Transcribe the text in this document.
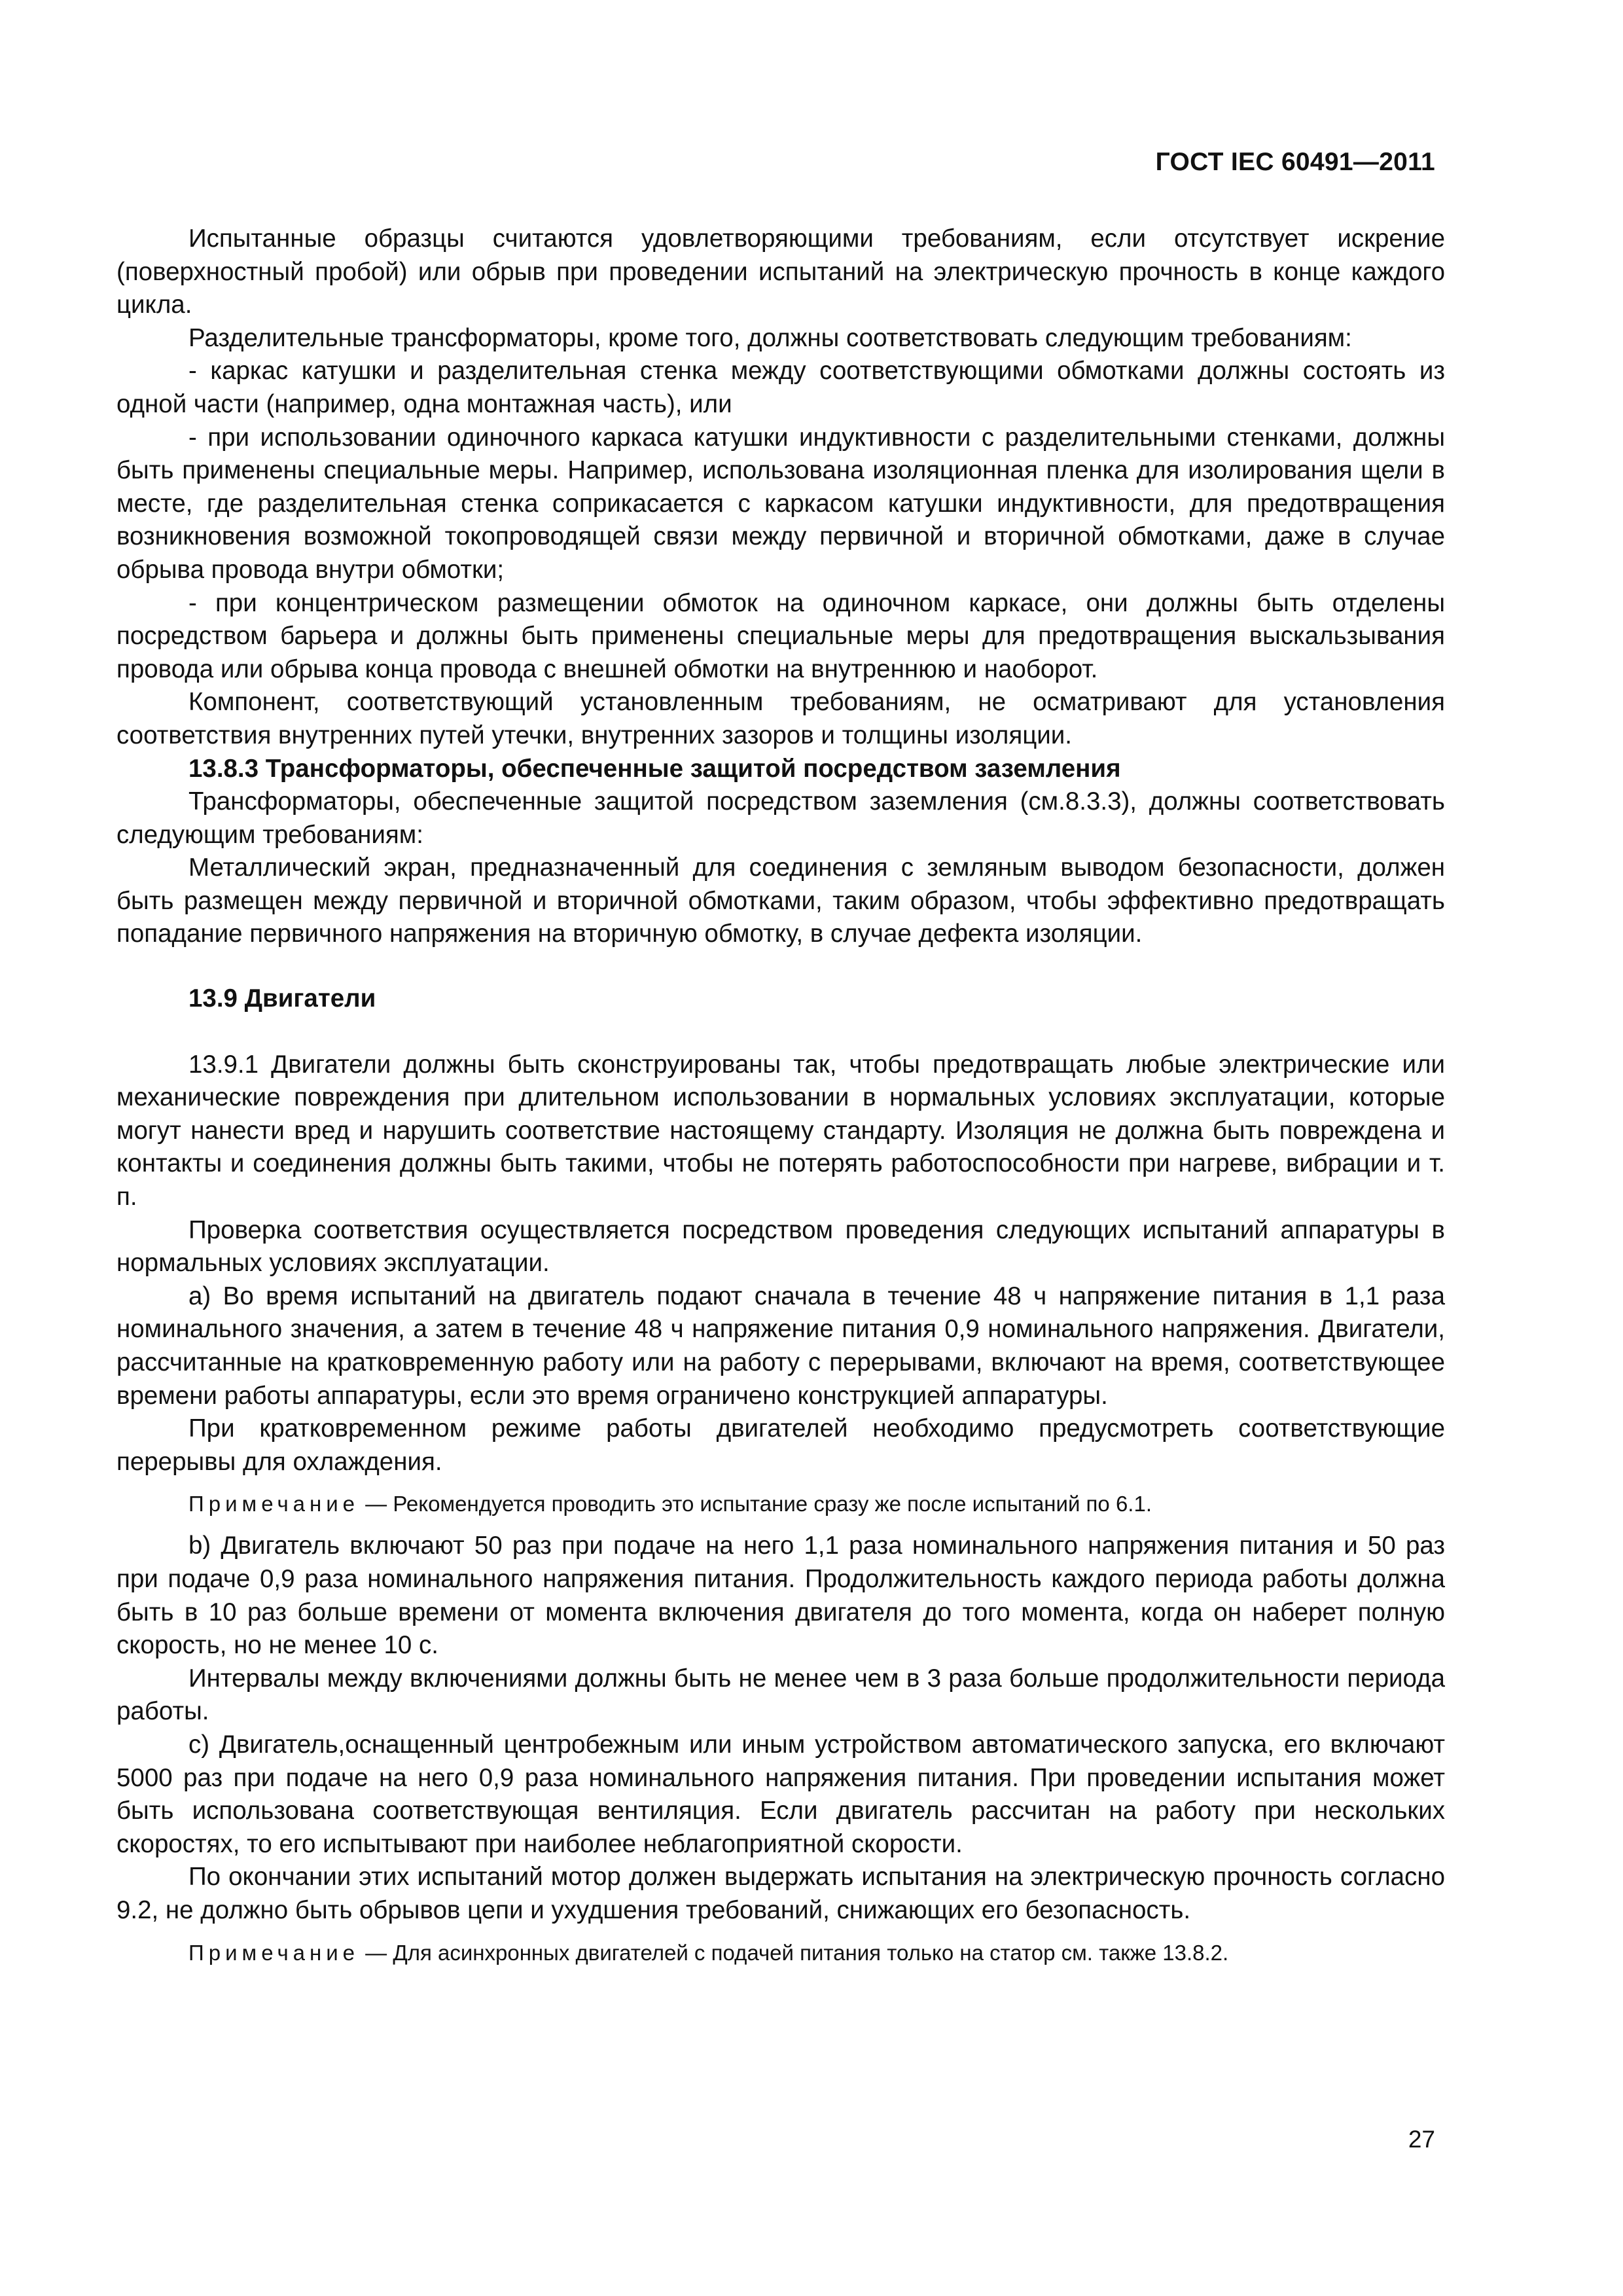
ГОСТ IEC 60491—2011

Испытанные образцы считаются удовлетворяющими требованиям, если отсутствует искрение (поверхностный пробой) или обрыв при проведении испытаний на электрическую прочность в конце каждого цикла.

Разделительные трансформаторы, кроме того, должны соответствовать следующим требованиям:

- каркас катушки и разделительная стенка между соответствующими обмотками должны состоять из одной части (например, одна монтажная часть), или

- при использовании одиночного каркаса катушки индуктивности с разделительными стенками, должны быть применены специальные меры. Например, использована изоляционная пленка для изолирования щели в месте, где разделительная стенка соприкасается с каркасом катушки индуктивности, для предотвращения возникновения возможной токопроводящей связи между первичной и вторичной обмотками, даже в случае обрыва провода внутри обмотки;

- при концентрическом размещении обмоток на одиночном каркасе, они должны быть отделены посредством барьера и должны быть применены специальные меры для предотвращения выскальзывания провода или обрыва конца провода с внешней обмотки на внутреннюю и наоборот.

Компонент, соответствующий установленным требованиям, не осматривают для установления соответствия внутренних путей утечки, внутренних зазоров и толщины изоляции.

13.8.3 Трансформаторы, обеспеченные защитой посредством заземления

Трансформаторы, обеспеченные защитой посредством заземления (см.8.3.3), должны соответствовать следующим требованиям:

Металлический экран, предназначенный для соединения с земляным выводом безопасности, должен быть размещен между первичной и вторичной обмотками, таким образом, чтобы эффективно предотвращать попадание первичного напряжения на вторичную обмотку, в случае дефекта изоляции.

13.9 Двигатели

13.9.1 Двигатели должны быть сконструированы так, чтобы предотвращать любые электрические или механические повреждения при длительном использовании в нормальных условиях эксплуатации, которые могут нанести вред и нарушить соответствие настоящему стандарту. Изоляция не должна быть повреждена и контакты и соединения должны быть такими, чтобы не потерять работоспособности при нагреве, вибрации и т. п.

Проверка соответствия осуществляется посредством проведения следующих испытаний аппаратуры в нормальных условиях эксплуатации.

a) Во время испытаний на двигатель подают сначала в течение 48 ч напряжение питания в 1,1 раза номинального значения, а затем в течение 48 ч напряжение питания 0,9 номинального напряжения. Двигатели, рассчитанные на кратковременную работу или на работу с перерывами, включают на время, соответствующее времени работы аппаратуры, если это время ограничено конструкцией аппаратуры.

При кратковременном режиме работы двигателей необходимо предусмотреть соответствующие перерывы для охлаждения.

Примечание — Рекомендуется проводить это испытание сразу же после испытаний по 6.1.

b) Двигатель включают 50 раз при подаче на него 1,1 раза номинального напряжения питания и 50 раз при подаче 0,9 раза номинального напряжения питания. Продолжительность каждого периода работы должна быть в 10 раз больше времени от момента включения двигателя до того момента, когда он наберет полную скорость, но не менее 10 с.

Интервалы между включениями должны быть не менее чем в 3 раза больше продолжительности периода работы.

c) Двигатель,оснащенный центробежным или иным устройством автоматического запуска, его включают 5000 раз при подаче на него 0,9 раза номинального напряжения питания. При проведении испытания может быть использована соответствующая вентиляция. Если двигатель рассчитан на работу при нескольких скоростях, то его испытывают при наиболее неблагоприятной скорости.

По окончании этих испытаний мотор должен выдержать испытания на электрическую прочность согласно 9.2, не должно быть обрывов цепи и ухудшения требований, снижающих его безопасность.

Примечание — Для асинхронных двигателей с подачей питания только на статор см. также 13.8.2.

27
